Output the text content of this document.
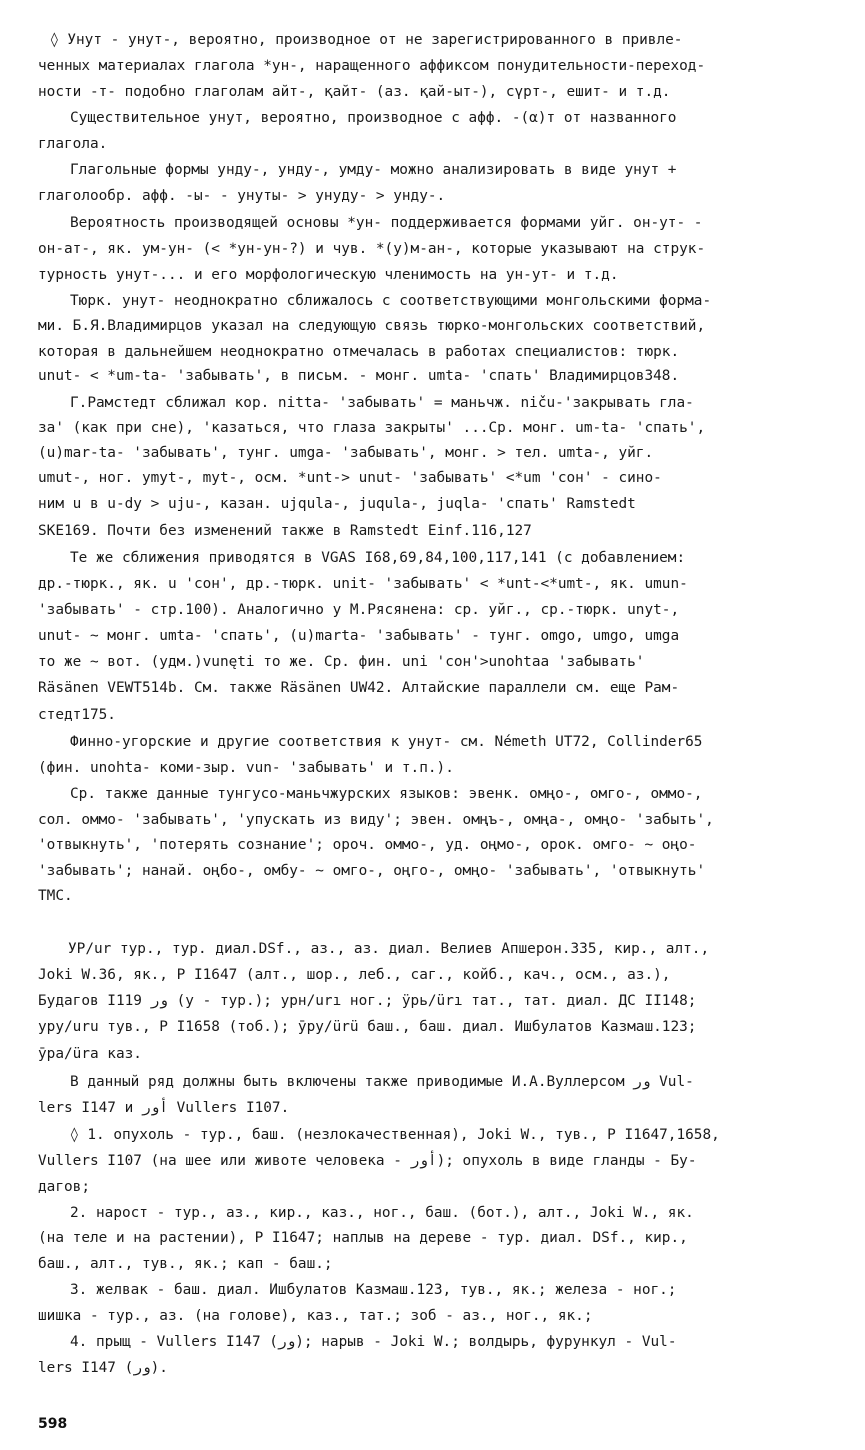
◊ Унут - унут-, вероятно, производное от не зарегистрированного в привле-
ченных материалах глагола *ун-, наращенного аффиксом понудительности-переход-
ности -т- подобно глаголам айт-, қайт- (аз. қай-ыт-), сүрт-, ешит- и т.д.
Существительное унут, вероятно, производное с афф. -(α)т от названного
глагола.
Глагольные формы унду-, ундy-, умду- можно анализировать в виде унут +
глаголообр. афф. -ы- - унуты- > унуду- > унду-.
Вероятность производящей основы *ун- поддерживается формами уйг. он-ут- -
он-ат-, як. ум-ун- (< *ун-ун-?) и чув. *(у)м-ан-, которые указывают на струк-
турность унут-... и его морфологическую членимость на ун-ут- и т.д.
Тюрк. унут- неоднократно сближалось с соответствующими монгольскими форма-
ми. Б.Я.Владимирцов указал на следующую связь тюрко-монгольских соответствий,
которая в дальнейшем неоднократно отмечалась в работах специалистов: тюрк.
unut- < *um-ta- 'забывать', в письм. - монг. umta- 'спать' Владимирцов348.
Г.Рамстедт сближал кор. nitta- 'забывать' = маньчж. niču-'закрывать гла-
за' (как при сне), 'казаться, что глаза закрыты' ...Ср. монг. um-ta- 'спать',
(u)mar-ta- 'забывать', тунг. umga- 'забывать', монг. > тел. umta-, уйг.
umut-, ног. ymyt-, myt-, осм. *unt-> unut- 'забывать' <*um 'сон' - сино-
ним u в u-dy > uju-, казан. ujqula-, juqula-, juqla- 'спать' Ramstedt
SKE169. Почти без изменений также в Ramstedt Einf.116,127
Те же сближения приводятся в VGAS I68,69,84,100,117,141 (с добавлением:
др.-тюрк., як. u 'сон', др.-тюрк. unit- 'забывать' < *unt-<*umt-, як. umun-
'забывать' - стр.100). Аналогично у М.Рясянена: ср. уйг., ср.-тюрк. unyt-,
unut- ~ монг. umta- 'спать', (u)marta- 'забывать' - тунг. omgo, umgo, umga
то же ~ вот. (удм.)vunęti то же. Ср. фин. uni 'сон'>unohtaa 'забывать'
Räsänen VEWT514b. См. также Räsänen UW42. Алтайские параллели см. еще Рам-
стедт175.
Финно-угорские и другие соответствия к унут- см. Németh UT72, Collinder65
(фин. unohta- коми-зыр. vun- 'забывать' и т.п.).
Ср. также данные тунгусо-маньчжурских языков: эвенк. омңо-, омго-, оммо-,
сол. оммо- 'забывать', 'упускать из виду'; эвен. омңъ-, омңа-, омңо- 'забыть',
'отвыкнуть', 'потерять сознание'; ороч. оммо-, уд. оңмо-, орок. омго- ~ оңо-
'забывать'; нанай. оңбо-, омбу- ~ омго-, оңго-, омңо- 'забывать', 'отвыкнуть'
ТМС.
УР/ur тур., тур. диал.DSf., аз., аз. диал. Велиев Апшерон.335, кир., алт.,
Joki W.36, як., Р I1647 (алт., шор., леб., саг., койб., кач., осм., аз.),
Будагов I119 ﻭﺭ (у - тур.); урн/urı ног.; ӱрь/ürı тат., тат. диал. ДС II148;
уру/uru тув., Р I1658 (тоб.); ӯру/ürü баш., баш. диал. Ишбулатов Казмаш.123;
ӯра/üra каз.
В данный ряд должны быть включены также приводимые И.А.Вуллерсом ﻭﺭ Vul-
lers I147 и ﺃﻭﺭ Vullers I107.
◊ 1. опухоль - тур., баш. (незлокачественная), Joki W., тув., Р I1647,1658,
Vullers I107 (на шее или животе человека - ﺃﻭﺭ); опухоль в виде гланды - Бу-
дагов;
2. нарост - тур., аз., кир., каз., ног., баш. (бот.), алт., Joki W., як.
(на теле и на растении), Р I1647; наплыв на дереве - тур. диал. DSf., кир.,
баш., алт., тув., як.; кап - баш.;
3. желвак - баш. диал. Ишбулатов Казмаш.123, тув., як.; железа - ног.;
шишка - тур., аз. (на голове), каз., тат.; зоб - аз., ног., як.;
4. прыщ - Vullers I147 (ﻭﺭ); нарыв - Joki W.; волдырь, фурункул - Vul-
lers I147 (ﻭﺭ).
598
